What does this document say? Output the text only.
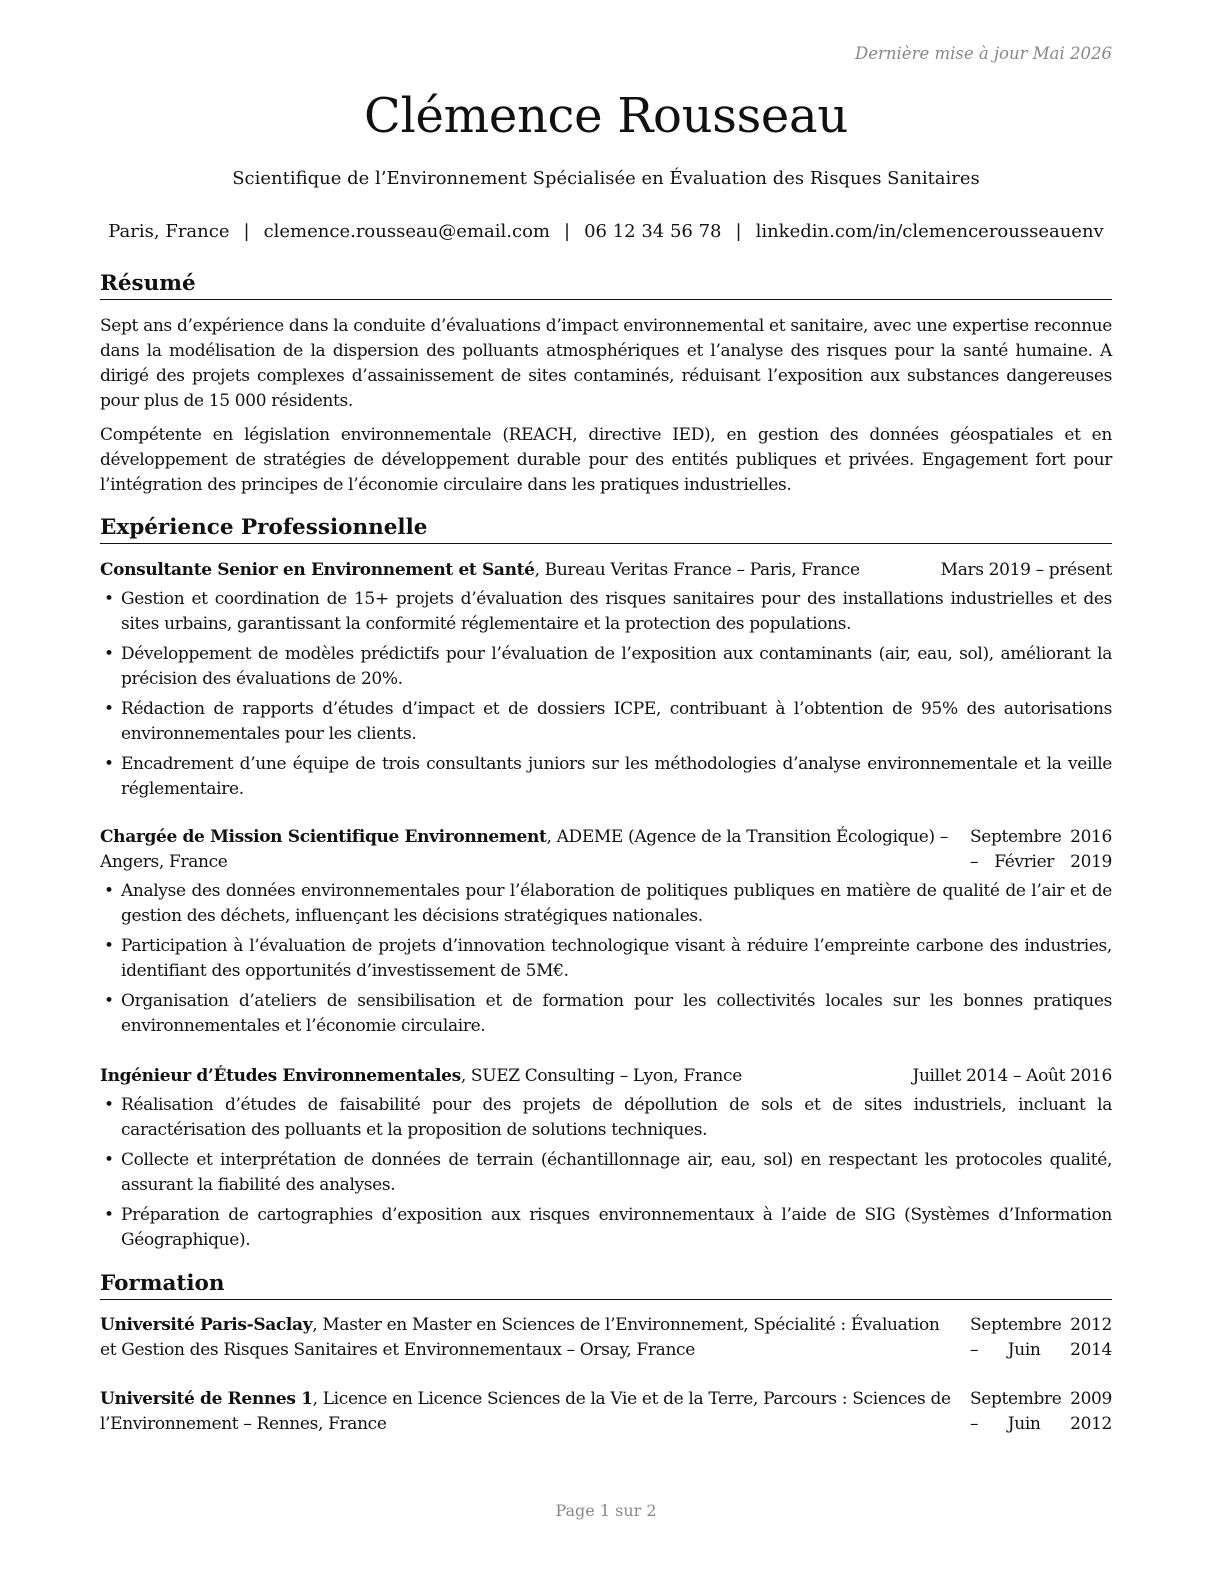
Dernière mise à jour Mai 2026
Clémence Rousseau
Scientifique de l’Environnement Spécialisée en Évaluation des Risques Sanitaires
Paris, France | clemence.rousseau@email.com | 06 12 34 56 78 | linkedin.com/in/clemencerousseauenv
Résumé

Sept ans d’expérience dans la conduite d’évaluations d’impact environnemental et sanitaire, avec une expertise reconnue dans la modélisation de la dispersion des polluants atmosphériques et l’analyse des risques pour la santé humaine. A dirigé des projets complexes d’assainissement de sites contaminés, réduisant l’exposition aux substances dangereuses pour plus de 15 000 résidents.

Compétente en législation environnementale (REACH, directive IED), en gestion des données géospatiales et en développement de stratégies de développement durable pour des entités publiques et privées. Engagement fort pour l’intégration des principes de l’économie circulaire dans les pratiques industrielles.

Expérience Professionnelle
Consultante Senior en Environnement et Santé, Bureau Veritas France – Paris, France	Mars 2019 – présent
• Gestion et coordination de 15+ projets d’évaluation des risques sanitaires pour des installations industrielles et des sites urbains, garantissant la conformité réglementaire et la protection des populations.
• Développement de modèles prédictifs pour l’évaluation de l’exposition aux contaminants (air, eau, sol), améliorant la précision des évaluations de 20%.
• Rédaction de rapports d’études d’impact et de dossiers ICPE, contribuant à l’obtention de 95% des autorisations environnementales pour les clients.
• Encadrement d’une équipe de trois consultants juniors sur les méthodologies d’analyse environnementale et la veille réglementaire.
Chargée de Mission Scientifique Environnement, ADEME (Agence de la Transition Écologique) – Angers, France
Septembre 2016 – Février 2019
• Analyse des données environnementales pour l’élaboration de politiques publiques en matière de qualité de l’air et de gestion des déchets, influençant les décisions stratégiques nationales.
• Participation à l’évaluation de projets d’innovation technologique visant à réduire l’empreinte carbone des industries, identifiant des opportunités d’investissement de 5M€.
• Organisation d’ateliers de sensibilisation et de formation pour les collectivités locales sur les bonnes pratiques environnementales et l’économie circulaire.
Ingénieur d’Études Environnementales, SUEZ Consulting – Lyon, France	Juillet 2014 – Août 2016
• Réalisation d’études de faisabilité pour des projets de dépollution de sols et de sites industriels, incluant la caractérisation des polluants et la proposition de solutions techniques.
• Collecte et interprétation de données de terrain (échantillonnage air, eau, sol) en respectant les protocoles qualité, assurant la fiabilité des analyses.
• Préparation de cartographies d’exposition aux risques environnementaux à l’aide de SIG (Systèmes d’Information Géographique).
Formation
Université Paris-Saclay, Master en Master en Sciences de l’Environnement, Spécialité : Évaluation et Gestion des Risques Sanitaires et Environnementaux – Orsay, France
Septembre 2012 – Juin 2014
Université de Rennes 1, Licence en Licence Sciences de la Vie et de la Terre, Parcours : Sciences de l’Environnement – Rennes, France
Septembre 2009 – Juin 2012
Page 1 sur 2
